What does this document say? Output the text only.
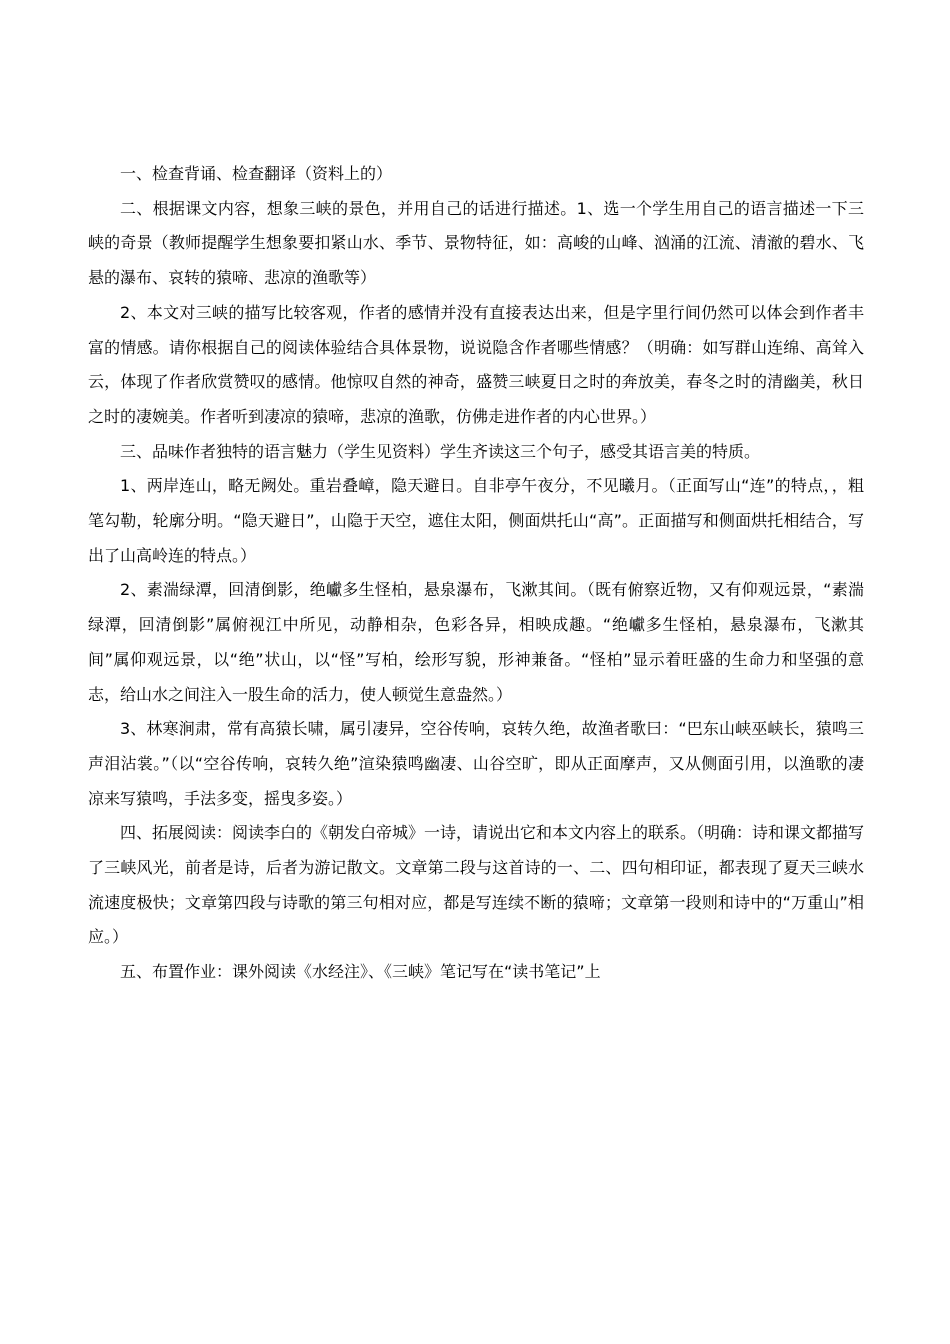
一、检查背诵、检查翻译（资料上的）

二、根据课文内容，想象三峡的景色，并用自己的话进行描述。1、选一个学生用自己的语言描述一下三峡的奇景（教师提醒学生想象要扣紧山水、季节、景物特征，如：高峻的山峰、汹涌的江流、清澈的碧水、飞悬的瀑布、哀转的猿啼、悲凉的渔歌等）

2、本文对三峡的描写比较客观，作者的感情并没有直接表达出来，但是字里行间仍然可以体会到作者丰富的情感。请你根据自己的阅读体验结合具体景物，说说隐含作者哪些情感？（明确：如写群山连绵、高耸入云，体现了作者欣赏赞叹的感情。他惊叹自然的神奇，盛赞三峡夏日之时的奔放美，春冬之时的清幽美，秋日之时的凄婉美。作者听到凄凉的猿啼，悲凉的渔歌，仿佛走进作者的内心世界。）

三、品味作者独特的语言魅力（学生见资料）学生齐读这三个句子，感受其语言美的特质。

1、两岸连山，略无阙处。重岩叠嶂，隐天避日。自非亭午夜分，不见曦月。（正面写山“连”的特点，，粗笔勾勒，轮廓分明。“隐天避日”，山隐于天空，遮住太阳，侧面烘托山“高”。正面描写和侧面烘托相结合，写出了山高岭连的特点。）

2、素湍绿潭，回清倒影，绝巘多生怪柏，悬泉瀑布，飞漱其间。（既有俯察近物，又有仰观远景，“素湍绿潭，回清倒影”属俯视江中所见，动静相杂，色彩各异，相映成趣。“绝巘多生怪柏，悬泉瀑布，飞漱其间”属仰观远景，以“绝”状山，以“怪”写柏，绘形写貌，形神兼备。“怪柏”显示着旺盛的生命力和坚强的意志，给山水之间注入一股生命的活力，使人顿觉生意盎然。）

3、林寒涧肃，常有高猿长啸，属引凄异，空谷传响，哀转久绝，故渔者歌曰：“巴东山峡巫峡长，猿鸣三声泪沾裳。”（以“空谷传响，哀转久绝”渲染猿鸣幽凄、山谷空旷，即从正面摩声，又从侧面引用，以渔歌的凄凉来写猿鸣，手法多变，摇曳多姿。）

四、拓展阅读：阅读李白的《朝发白帝城》一诗，请说出它和本文内容上的联系。（明确：诗和课文都描写了三峡风光，前者是诗，后者为游记散文。文章第二段与这首诗的一、二、四句相印证，都表现了夏天三峡水流速度极快；文章第四段与诗歌的第三句相对应，都是写连续不断的猿啼；文章第一段则和诗中的“万重山”相应。）

五、布置作业：课外阅读《水经注》、《三峡》笔记写在“读书笔记”上
